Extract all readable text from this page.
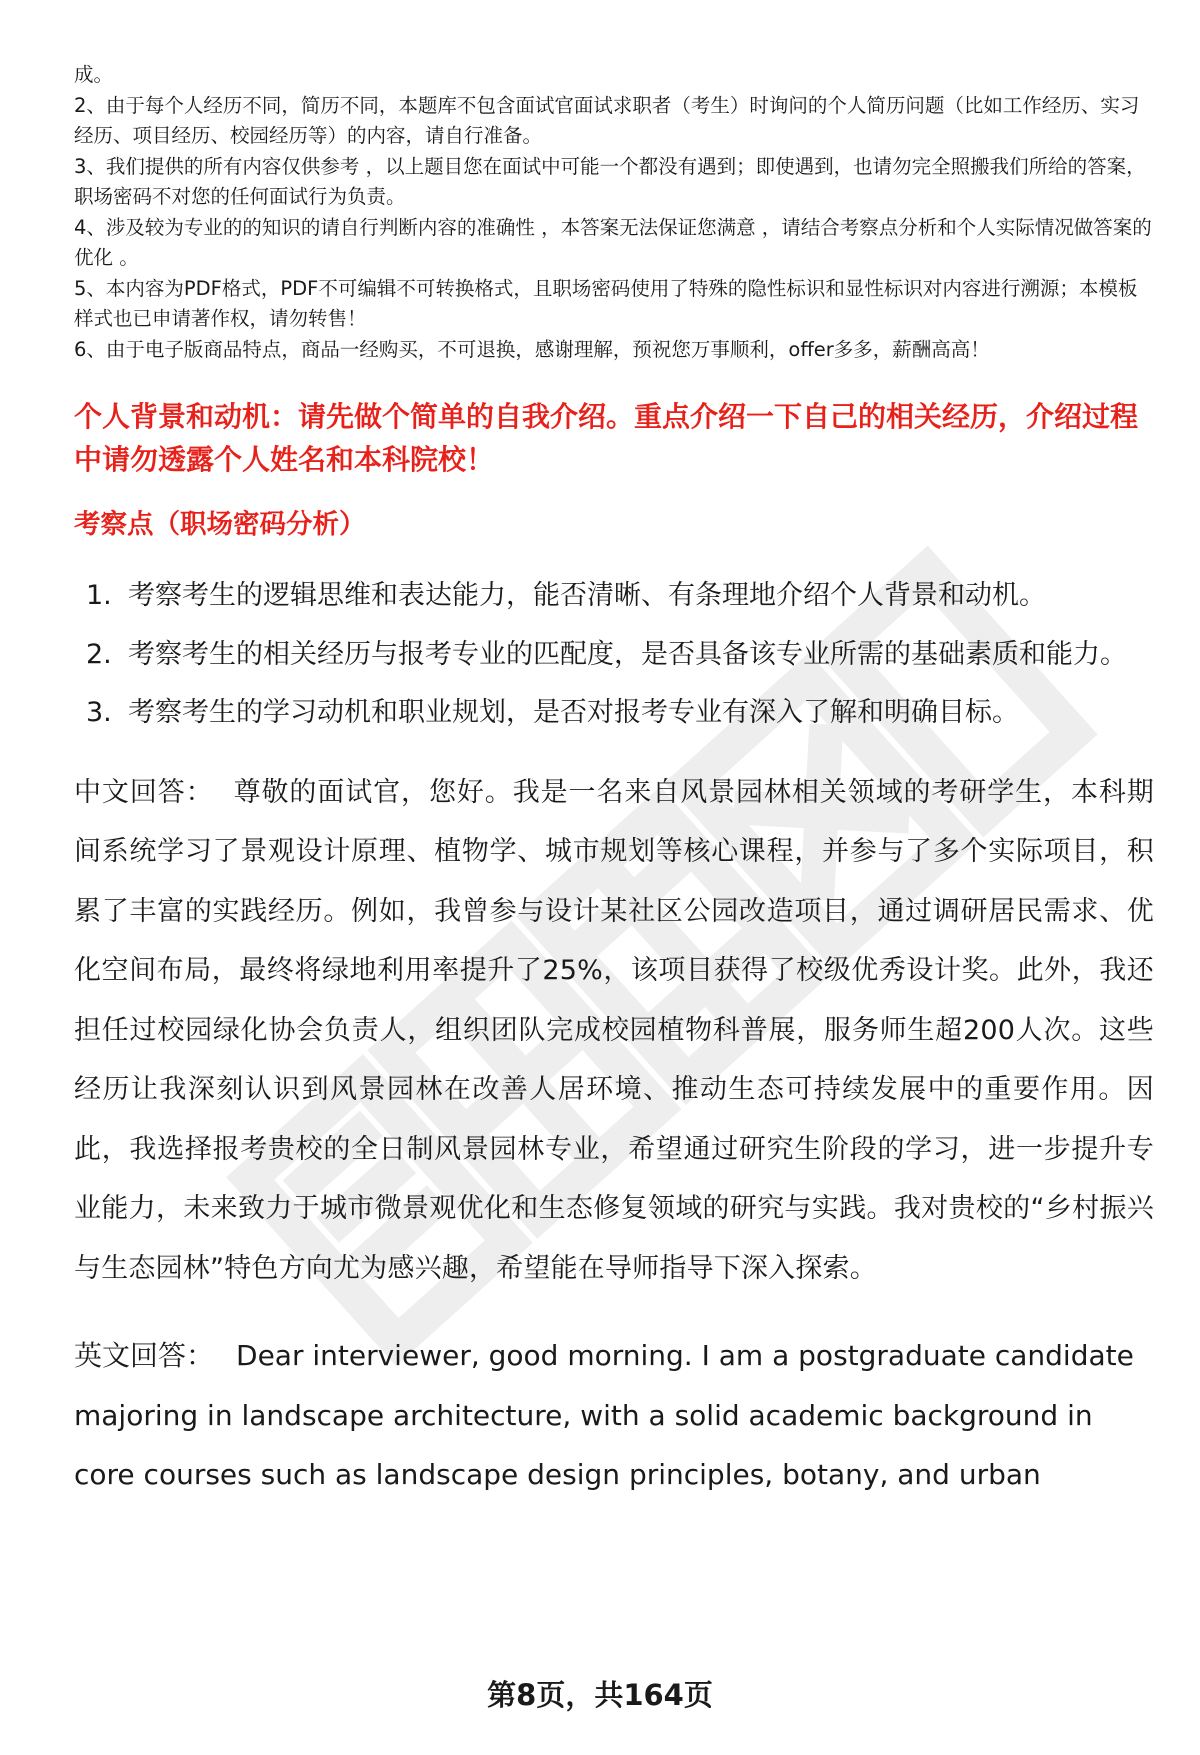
成。
2、由于每个人经历不同，简历不同，本题库不包含面试官面试求职者（考生）时询问的个人简历问题（比如工作经历、实习经历、项目经历、校园经历等）的内容，请自行准备。
3、我们提供的所有内容仅供参考 ，以上题目您在面试中可能一个都没有遇到；即使遇到，也请勿完全照搬我们所给的答案，职场密码不对您的任何面试行为负责。
4、涉及较为专业的的知识的请自行判断内容的准确性 ，本答案无法保证您满意 ，请结合考察点分析和个人实际情况做答案的优化 。
5、本内容为PDF格式，PDF不可编辑不可转换格式，且职场密码使用了特殊的隐性标识和显性标识对内容进行溯源；本模板样式也已申请著作权，请勿转售！
6、由于电子版商品特点，商品一经购买，不可退换，感谢理解，预祝您万事顺利，offer多多，薪酬高高！
个人背景和动机：请先做个简单的自我介绍。重点介绍一下自己的相关经历，介绍过程中请勿透露个人姓名和本科院校！
考察点（职场密码分析）
1. 考察考生的逻辑思维和表达能力，能否清晰、有条理地介绍个人背景和动机。
2. 考察考生的相关经历与报考专业的匹配度，是否具备该专业所需的基础素质和能力。
3. 考察考生的学习动机和职业规划，是否对报考专业有深入了解和明确目标。
中文回答： 尊敬的面试官，您好。我是一名来自风景园林相关领域的考研学生，本科期间系统学习了景观设计原理、植物学、城市规划等核心课程，并参与了多个实际项目，积累了丰富的实践经历。例如，我曾参与设计某社区公园改造项目，通过调研居民需求、优化空间布局，最终将绿地利用率提升了25%，该项目获得了校级优秀设计奖。此外，我还担任过校园绿化协会负责人，组织团队完成校园植物科普展，服务师生超200人次。这些经历让我深刻认识到风景园林在改善人居环境、推动生态可持续发展中的重要作用。因此，我选择报考贵校的全日制风景园林专业，希望通过研究生阶段的学习，进一步提升专业能力，未来致力于城市微景观优化和生态修复领域的研究与实践。我对贵校的“乡村振兴与生态园林”特色方向尤为感兴趣，希望能在导师指导下深入探索。
英文回答： Dear interviewer, good morning. I am a postgraduate candidate majoring in landscape architecture, with a solid academic background in core courses such as landscape design principles, botany, and urban
第8页，共164页
